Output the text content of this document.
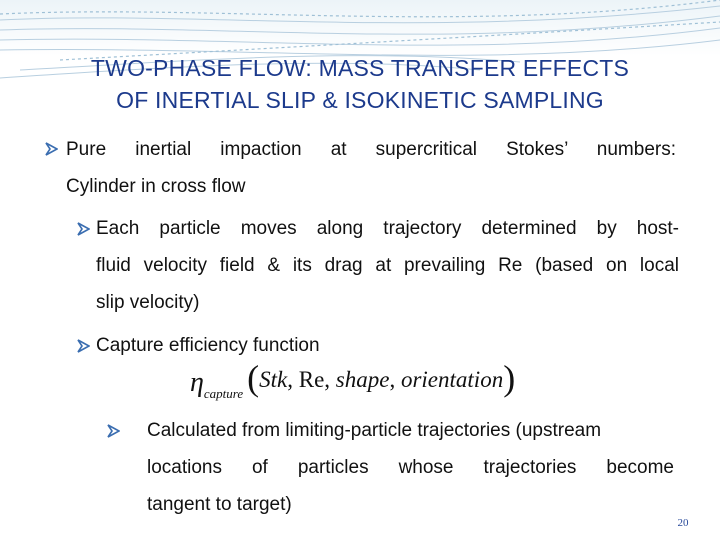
TWO-PHASE FLOW: MASS TRANSFER EFFECTS
OF INERTIAL SLIP & ISOKINETIC SAMPLING
Pure inertial impaction at supercritical Stokes’ numbers:
Cylinder in cross flow
Each particle moves along trajectory determined by host-
fluid velocity field & its drag at prevailing Re (based on local
slip velocity)
Capture efficiency function
$\eta_{capture}$ (Stk, Re, shape, orientation)
Calculated from limiting-particle trajectories (upstream
locations of particles whose trajectories become
tangent to target)
20
